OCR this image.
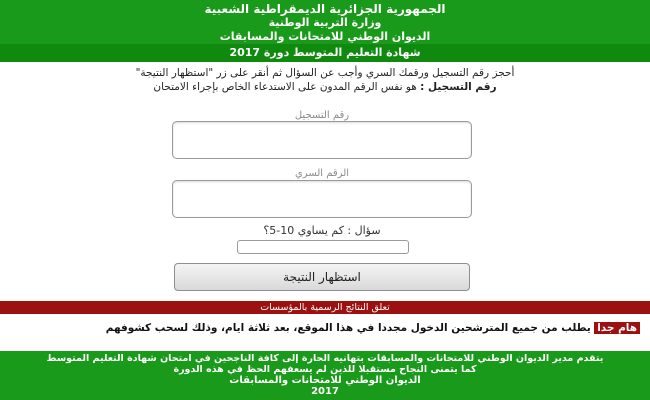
الجمهورية الجزائرية الديمقراطية الشعبية
وزارة التربية الوطنية
الديوان الوطني للامتحانات والمسابقات
شهادة التعليم المتوسط دورة 2017
أحجز رقم التسجيل ورقمك السري وأجب عن السؤال ثم أنقر على زر "استظهار النتيجة"
رقم التسجيل : هو نفس الرقم المدون على الاستدعاء الخاص بإجراء الامتحان
رقم التسجيل
الرقم السري
سؤال : كم يساوي 10-5؟
استظهار النتيجة
تعلق النتائج الرسمية بالمؤسسات
هام جدا يطلب من جميع المترشحين الدخول مجددا في هذا الموقع، بعد ثلاثة ايام، وذلك لسحب كشوفهم
يتقدم مدير الديوان الوطني للامتحانات والمسابقات بتهانيه الحارة إلى كافة الناجحين في امتحان شهادة التعليم المتوسط
كما يتمنى النجاح مستقبلا للذين لم يسعفهم الحظ في هذه الدورة
الديوان الوطني للامتحانات والمسابقات
2017
